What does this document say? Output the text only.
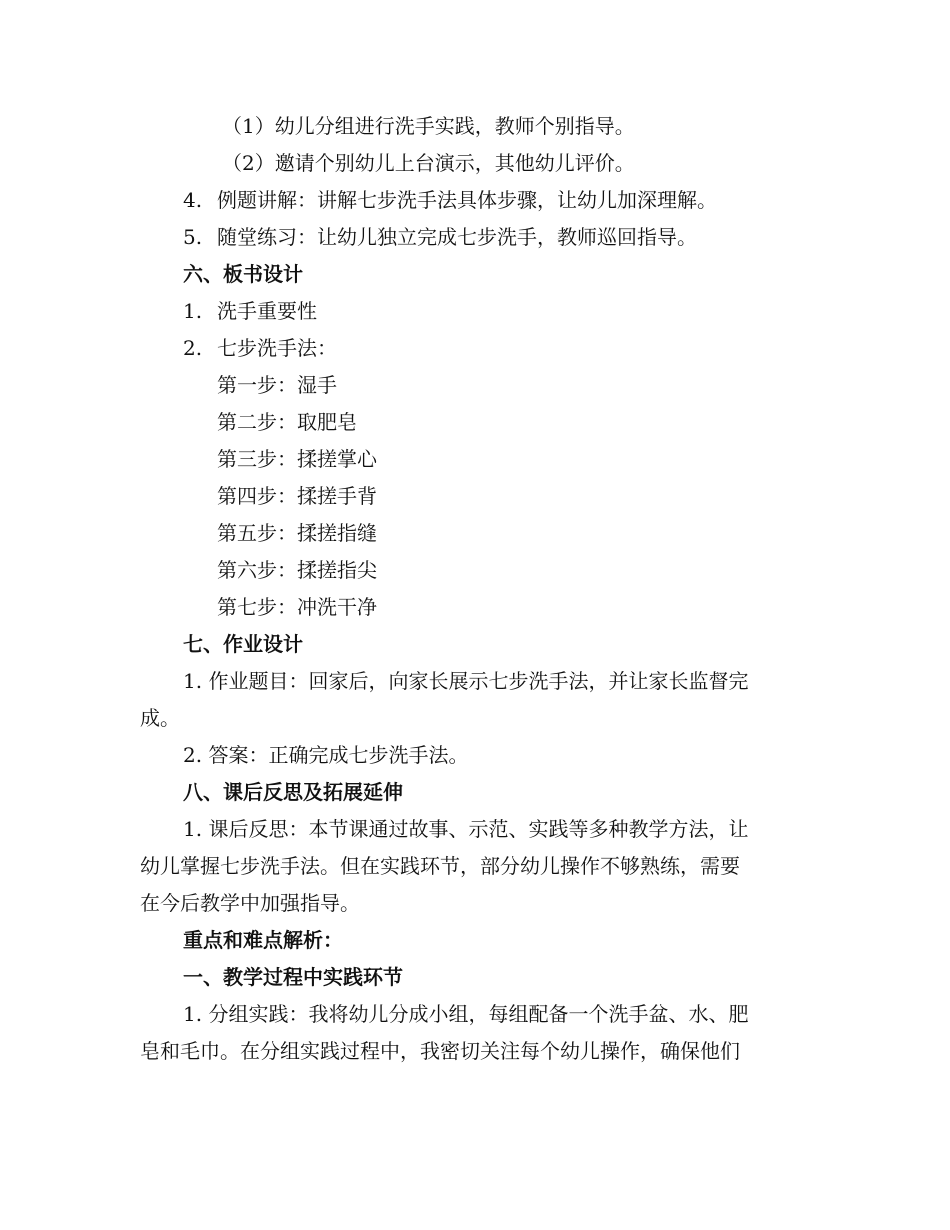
（1）幼儿分组进行洗手实践，教师个别指导。
（2）邀请个别幼儿上台演示，其他幼儿评价。
4. 例题讲解：讲解七步洗手法具体步骤，让幼儿加深理解。
5. 随堂练习：让幼儿独立完成七步洗手，教师巡回指导。
六、板书设计
1. 洗手重要性
2. 七步洗手法：
第一步：湿手
第二步：取肥皂
第三步：揉搓掌心
第四步：揉搓手背
第五步：揉搓指缝
第六步：揉搓指尖
第七步：冲洗干净
七、作业设计
1. 作业题目：回家后，向家长展示七步洗手法，并让家长监督完
成。
2. 答案：正确完成七步洗手法。
八、课后反思及拓展延伸
1. 课后反思：本节课通过故事、示范、实践等多种教学方法，让
幼儿掌握七步洗手法。但在实践环节，部分幼儿操作不够熟练，需要
在今后教学中加强指导。
重点和难点解析：
一、教学过程中实践环节
1. 分组实践：我将幼儿分成小组，每组配备一个洗手盆、水、肥
皂和毛巾。在分组实践过程中，我密切关注每个幼儿操作，确保他们
